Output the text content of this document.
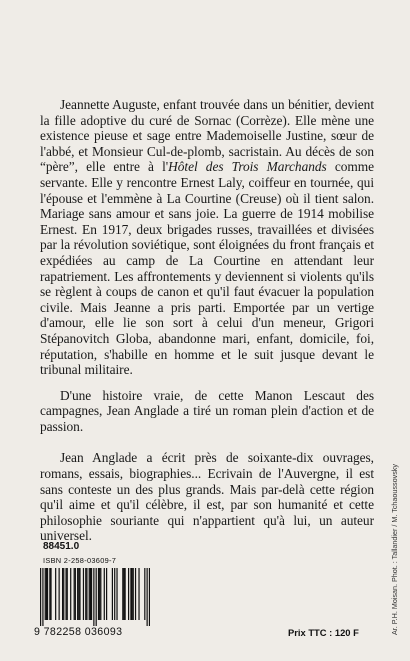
Jeannette Auguste, enfant trouvée dans un bénitier, devient la fille adoptive du curé de Sornac (Corrèze). Elle mène une existence pieuse et sage entre Mademoiselle Justine, sœur de l'abbé, et Monsieur Cul-de-plomb, sacristain. Au décès de son “père”, elle entre à l'Hôtel des Trois Marchands comme servante. Elle y rencontre Ernest Laly, coiffeur en tournée, qui l'épouse et l'emmène à La Courtine (Creuse) où il tient salon. Mariage sans amour et sans joie. La guerre de 1914 mobilise Ernest. En 1917, deux brigades russes, travaillées et divisées par la révolution soviétique, sont éloignées du front français et expédiées au camp de La Courtine en attendant leur rapatriement. Les affrontements y deviennent si violents qu'ils se règlent à coups de canon et qu'il faut évacuer la population civile. Mais Jeanne a pris parti. Emportée par un vertige d'amour, elle lie son sort à celui d'un meneur, Grigori Stépanovitch Globa, abandonne mari, enfant, domicile, foi, réputation, s'habille en homme et le suit jusque devant le tribunal militaire.

D'une histoire vraie, de cette Manon Lescaut des campagnes, Jean Anglade a tiré un roman plein d'action et de passion.

Jean Anglade a écrit près de soixante-dix ouvrages, romans, essais, biographies... Ecrivain de l'Auvergne, il est sans conteste un des plus grands. Mais par-delà cette région qu'il aime et qu'il célèbre, il est, par son humanité et cette philosophie souriante qui n'appartient qu'à lui, un auteur universel.	Ar. P.H. Moisan. Phot. : Tallandier / M. Tchaoussovsky
88451.0
ISBN 2-258-03609-7
9 782258 036093	Prix TTC : 120 F
